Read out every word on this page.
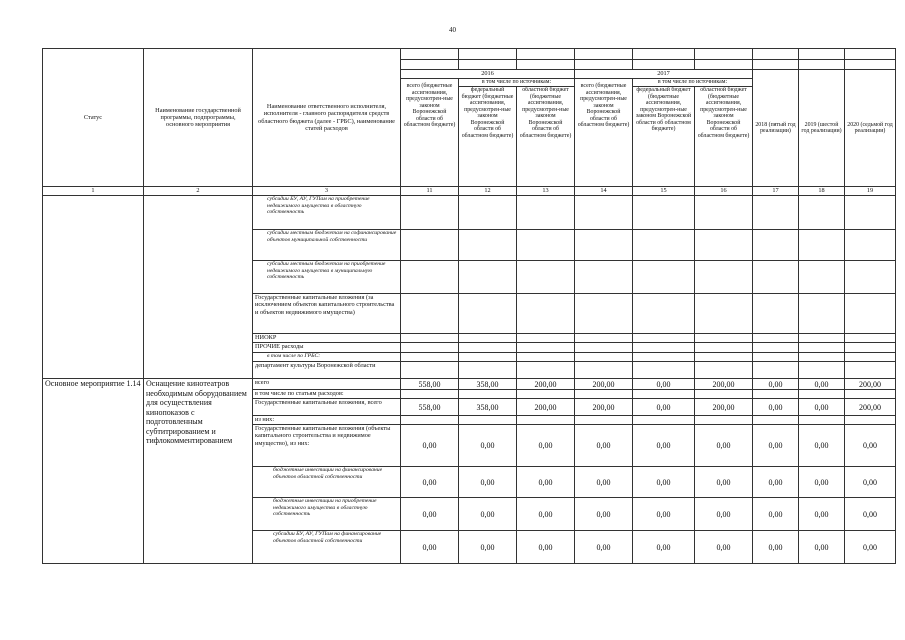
40
Статус	Наименование государственной программы, подпрограммы, основного мероприятия	Наименование ответственного исполнителя, исполнителя - главного распорядителя средств областного бюджета (далее - ГРБС), наименование статей расходов									

			2016			2017			2018 (пятый год реализации)	2019 (шестой год реализации)	2020 (седьмой год реализации)
			всего (бюджетные ассигнования, предусмотрен-ные законом Воронежской области об областном бюджете)	в том числе по источникам:		всего (бюджетные ассигнования, предусмотрен-ные законом Воронежской области об областном бюджете)	в том числе по источникам:				
				федеральный бюджет (бюджетные ассигнования, предусмотрен-ные законом Воронежской области об областном бюджете)	областной бюджет (бюджетные ассигнования, предусмотрен-ные законом Воронежской области об областном бюджете)		федеральный бюджет (бюджетные ассигнования, предусмотрен-ные законом Воронежской области об областном бюджете)	областной бюджет (бюджетные ассигнования, предусмотрен-ные законом Воронежской области об областном бюджете)			
1	2	3	11	12	13	14	15	16	17	18	19
		субсидии БУ, АУ, ГУПам на приобретение недвижимого имущества в областную собственность									
		субсидии местным бюджетам на софинансирование объектов муниципальной собственности									
		субсидии местным бюджетам на приобретение недвижимого имущества в муниципальную собственность									
		Государственные капитальные вложения (за исключением объектов капитального строительства и объектов недвижимого имущества)									
		НИОКР									
		ПРОЧИЕ расходы									
		в том числе по ГРБС:									
		департамент культуры Воронежской области									
Основное мероприятие 1.14	Оснащение кинотеатров необходимым оборудованием для осуществления кинопоказов с подготовленным субтитрированием и тифлокомментированием	всего	558,00	358,00	200,00	200,00	0,00	200,00	0,00	0,00	200,00
		в том числе по статьям расходов:									
		Государственные капитальные вложения, всего	558,00	358,00	200,00	200,00	0,00	200,00	0,00	0,00	200,00
		из них:									
		Государственные капитальные вложения (объекты капитального строительства и недвижимое имущество), из них:	0,00	0,00	0,00	0,00	0,00	0,00	0,00	0,00	0,00
		бюджетные инвестиции на финансирование объектов областной собственности	0,00	0,00	0,00	0,00	0,00	0,00	0,00	0,00	0,00
		бюджетные инвестиции на приобретение недвижимого имущества в областную собственность	0,00	0,00	0,00	0,00	0,00	0,00	0,00	0,00	0,00
		субсидии БУ, АУ, ГУПам на финансирование объектов областной собственности	0,00	0,00	0,00	0,00	0,00	0,00	0,00	0,00	0,00
